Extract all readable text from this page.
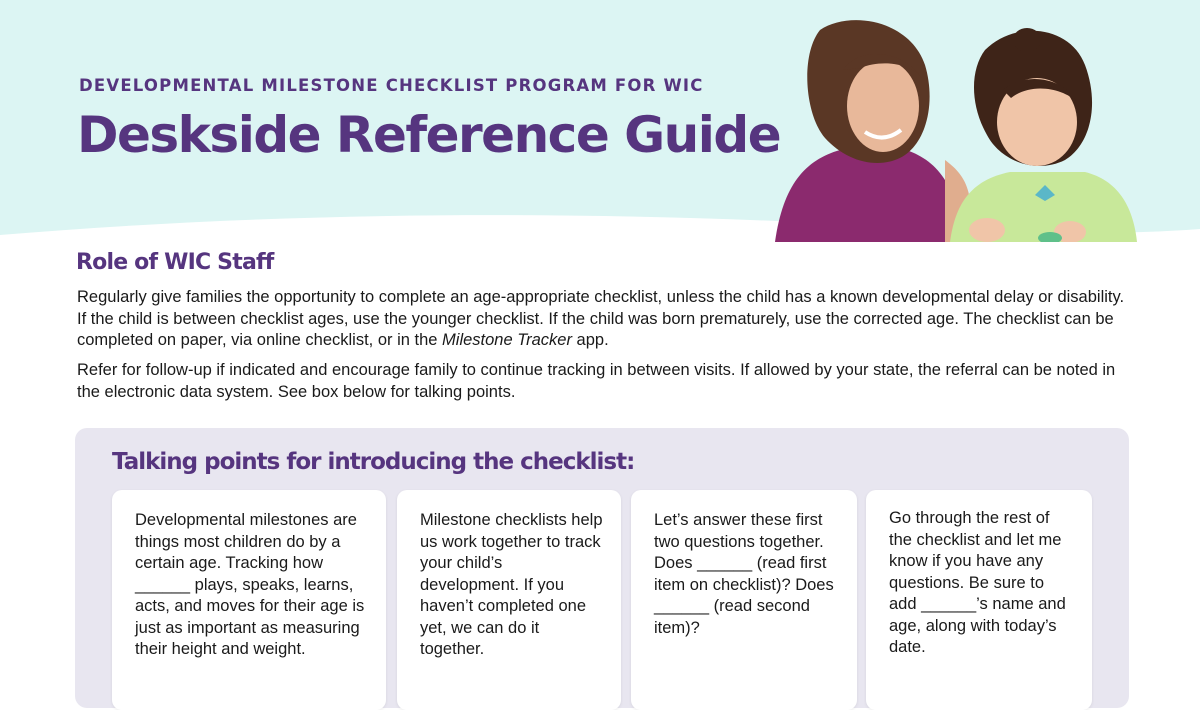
DEVELOPMENTAL MILESTONE CHECKLIST PROGRAM FOR WIC
Deskside Reference Guide
Role of WIC Staff

Regularly give families the opportunity to complete an age-appropriate checklist, unless the child has a known developmental delay or disability. If the child is between checklist ages, use the younger checklist. If the child was born prematurely, use the corrected age. The checklist can be completed on paper, via online checklist, or in the Milestone Tracker app.

Refer for follow-up if indicated and encourage family to continue tracking in between visits. If allowed by your state, the referral can be noted in the electronic data system. See box below for talking points.

Talking points for introducing the checklist:

Developmental milestones are things most children do by a certain age. Tracking how ______ plays, speaks, learns, acts, and moves for their age is just as important as measuring their height and weight.

Milestone checklists help us work together to track your child’s development. If you haven’t completed one yet, we can do it together.

Let’s answer these first two questions together. Does ______ (read first item on checklist)? Does ______ (read second item)?

Go through the rest of the checklist and let me know if you have any questions. Be sure to add ______’s name and age, along with today’s date.
